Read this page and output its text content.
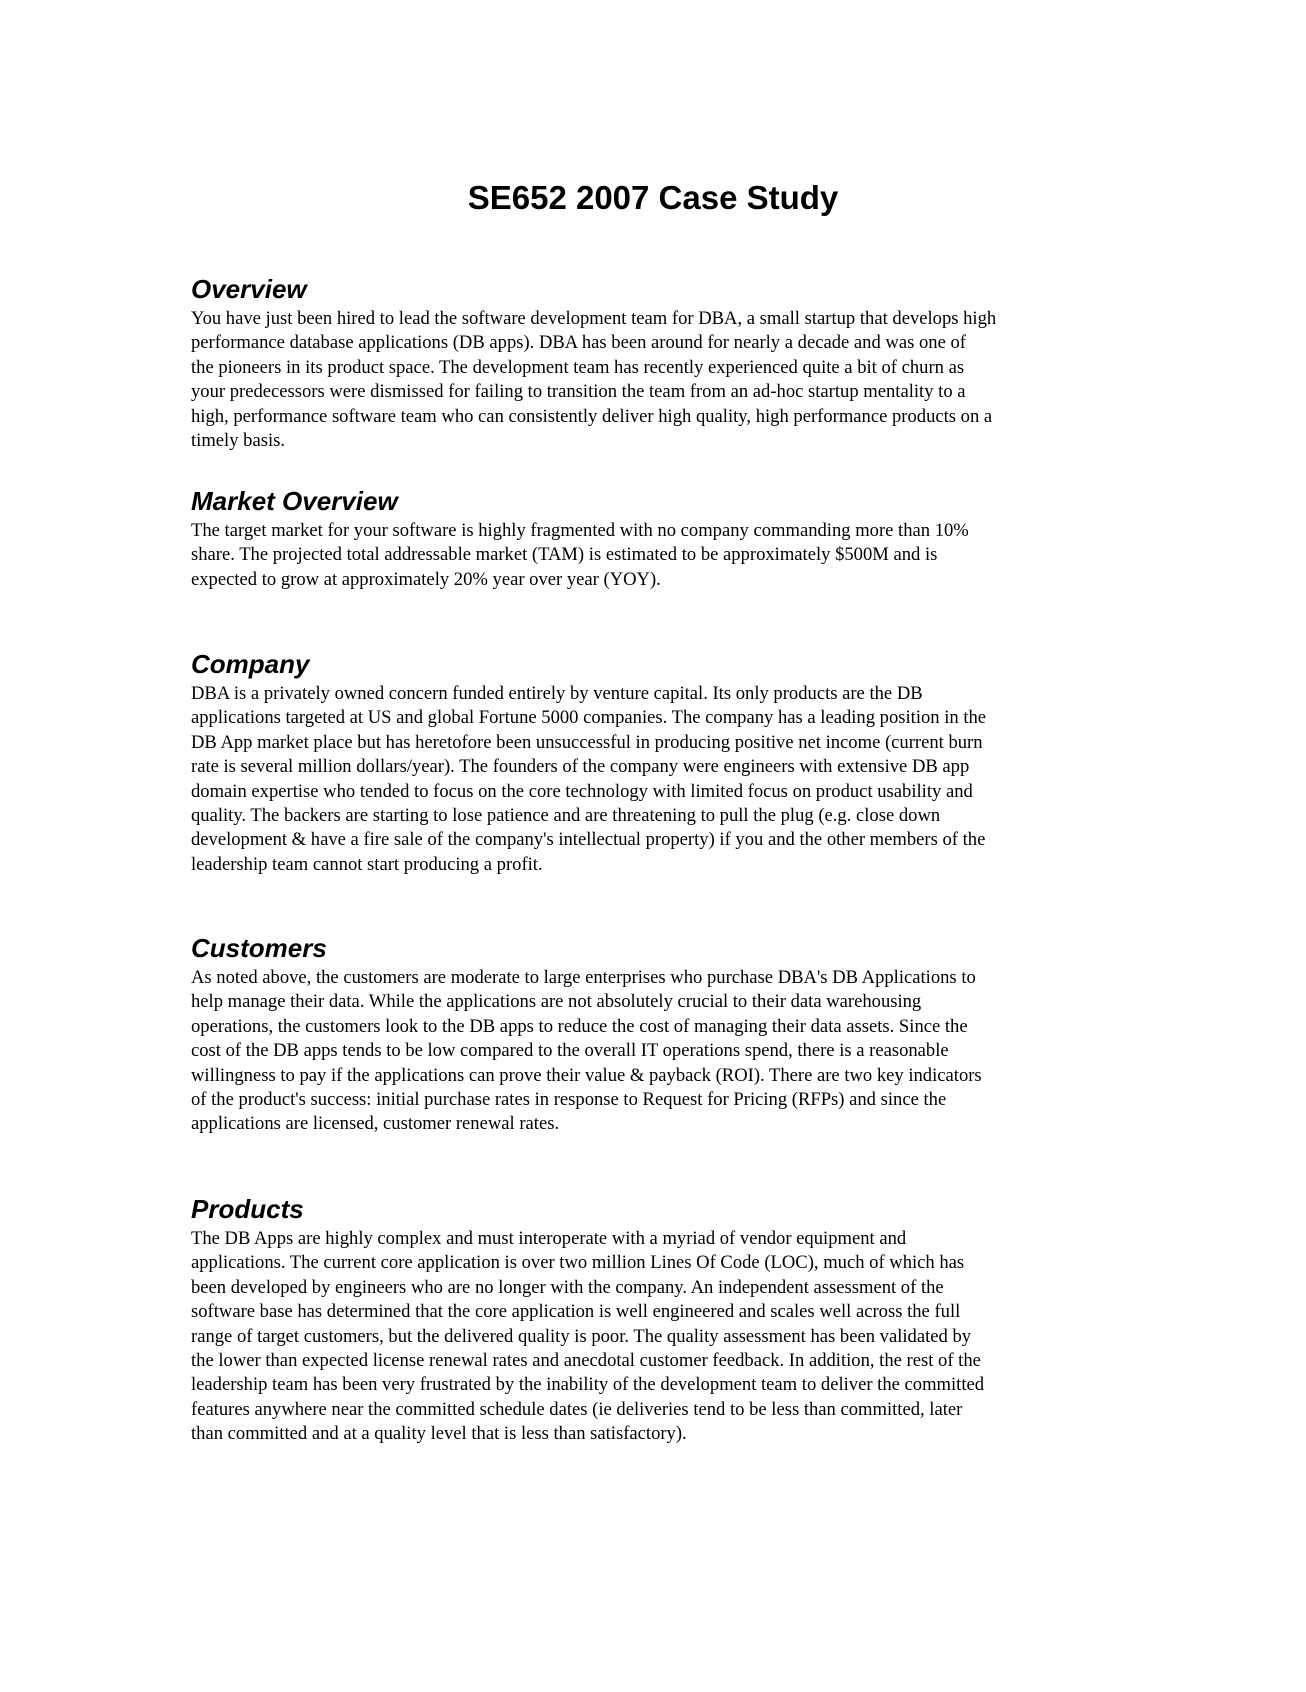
SE652 2007 Case Study
Overview

You have just been hired to lead the software development team for DBA, a small startup that develops high
performance database applications (DB apps). DBA has been around for nearly a decade and was one of
the pioneers in its product space. The development team has recently experienced quite a bit of churn as
your predecessors were dismissed for failing to transition the team from an ad-hoc startup mentality to a
high, performance software team who can consistently deliver high quality, high performance products on a
timely basis.

Market Overview

The target market for your software is highly fragmented with no company commanding more than 10%
share. The projected total addressable market (TAM) is estimated to be approximately $500M and is
expected to grow at approximately 20% year over year (YOY).

Company

DBA is a privately owned concern funded entirely by venture capital. Its only products are the DB
applications targeted at US and global Fortune 5000 companies. The company has a leading position in the
DB App market place but has heretofore been unsuccessful in producing positive net income (current burn
rate is several million dollars/year). The founders of the company were engineers with extensive DB app
domain expertise who tended to focus on the core technology with limited focus on product usability and
quality. The backers are starting to lose patience and are threatening to pull the plug (e.g. close down
development & have a fire sale of the company's intellectual property) if you and the other members of the
leadership team cannot start producing a profit.

Customers

As noted above, the customers are moderate to large enterprises who purchase DBA's DB Applications to
help manage their data. While the applications are not absolutely crucial to their data warehousing
operations, the customers look to the DB apps to reduce the cost of managing their data assets. Since the
cost of the DB apps tends to be low compared to the overall IT operations spend, there is a reasonable
willingness to pay if the applications can prove their value & payback (ROI). There are two key indicators
of the product's success: initial purchase rates in response to Request for Pricing (RFPs) and since the
applications are licensed, customer renewal rates.

Products

The DB Apps are highly complex and must interoperate with a myriad of vendor equipment and
applications. The current core application is over two million Lines Of Code (LOC), much of which has
been developed by engineers who are no longer with the company. An independent assessment of the
software base has determined that the core application is well engineered and scales well across the full
range of target customers, but the delivered quality is poor. The quality assessment has been validated by
the lower than expected license renewal rates and anecdotal customer feedback. In addition, the rest of the
leadership team has been very frustrated by the inability of the development team to deliver the committed
features anywhere near the committed schedule dates (ie deliveries tend to be less than committed, later
than committed and at a quality level that is less than satisfactory).
